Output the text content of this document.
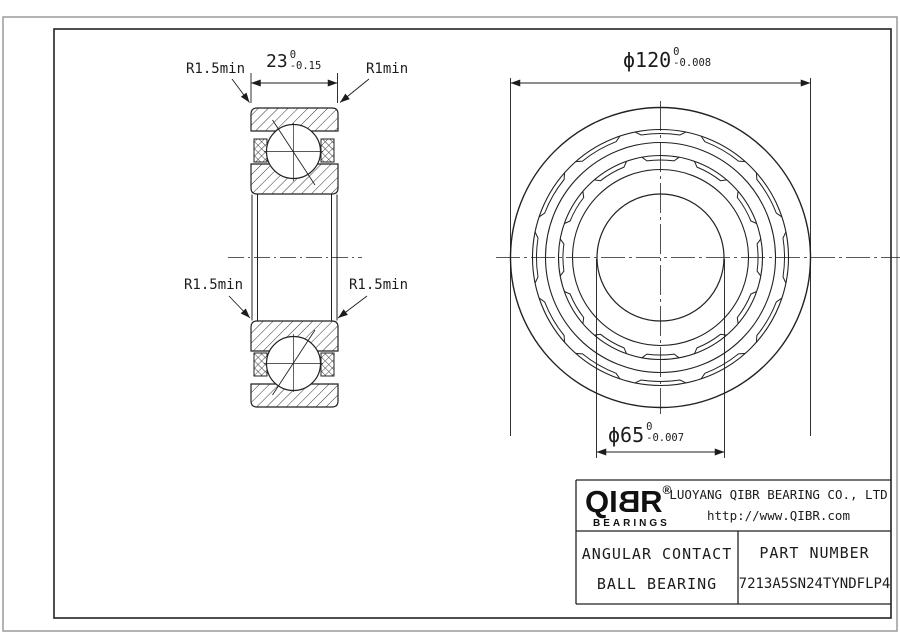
R1.5min 23 0
-0.15	R1min	ϕ120 0
-0.008
R1.5min	R1.5min
ϕ65 0
-0.007
QIBR®
BEARINGS
LUOYANG QIBR BEARING CO., LTD
http://www.QIBR.com
ANGULAR CONTACT
BALL BEARING
PART NUMBER
7213A5SN24TYNDFLP4
